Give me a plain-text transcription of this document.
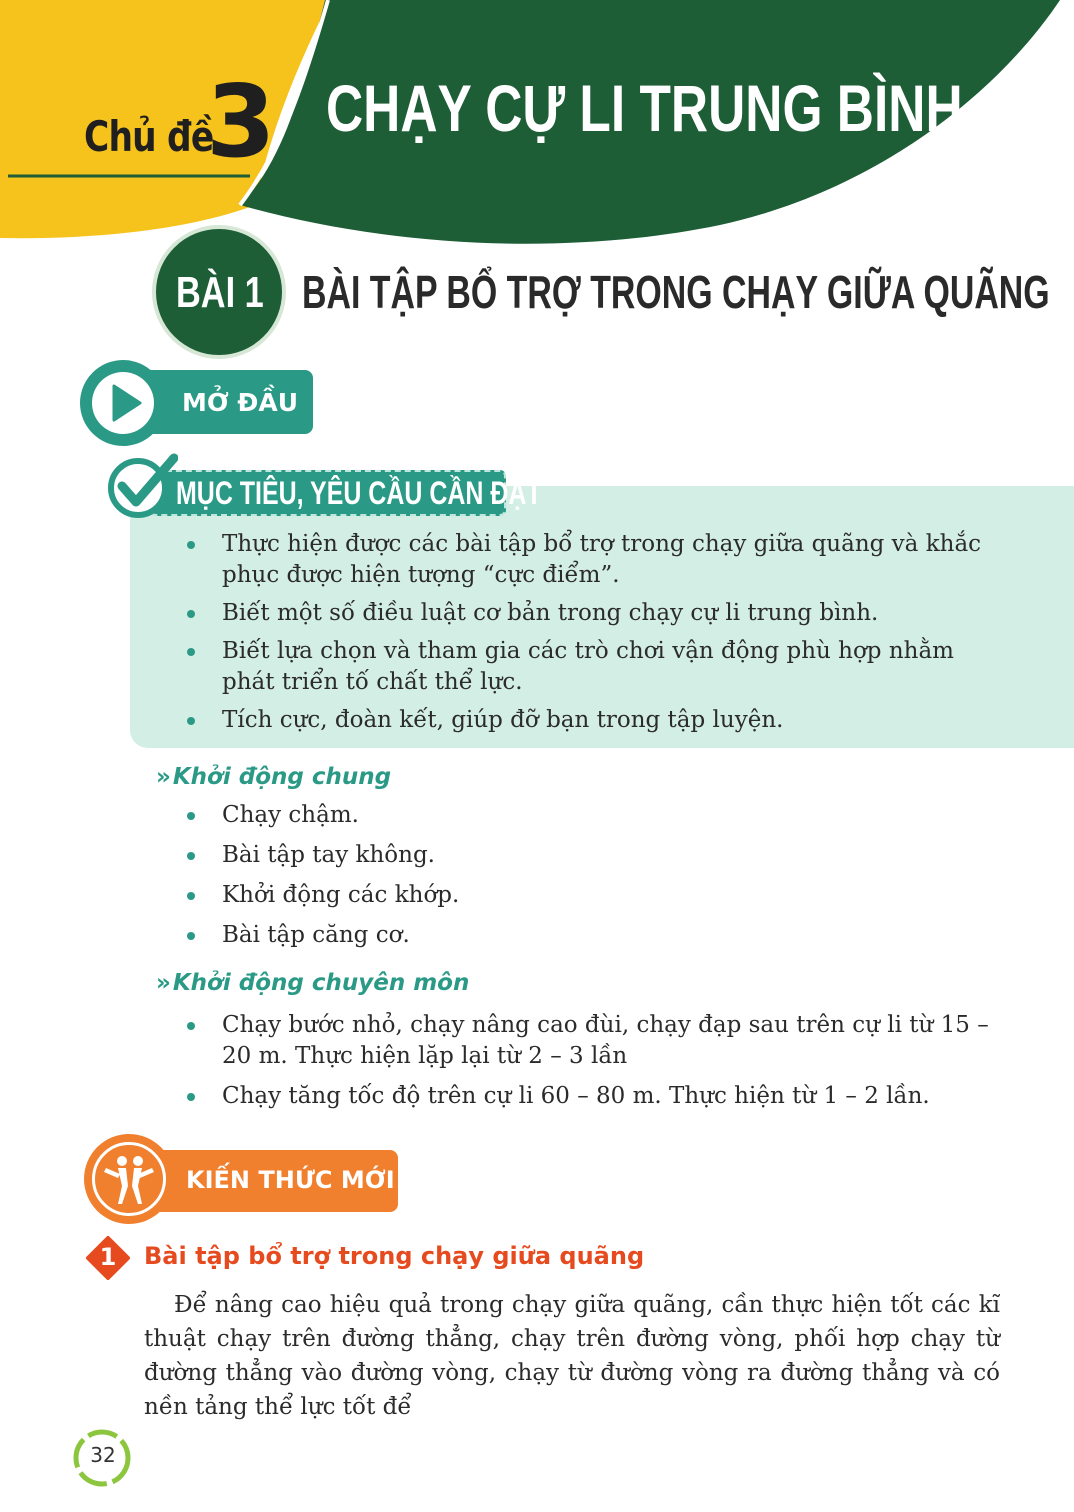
Chủ đề
3 CHẠY CỰ LI TRUNG BÌNH
BÀI 1 BÀI TẬP BỔ TRỢ TRONG CHẠY GIỮA QUÃNG
MỞ ĐẦU
MỤC TIÊU, YÊU CẦU CẦN ĐẠT
Thực hiện được các bài tập bổ trợ trong chạy giữa quãng và khắc phục được hiện tượng “cực điểm”.
Biết một số điều luật cơ bản trong chạy cự li trung bình.
Biết lựa chọn và tham gia các trò chơi vận động phù hợp nhằm phát triển tố chất thể lực.
Tích cực, đoàn kết, giúp đỡ bạn trong tập luyện.
» Khởi động chung
Chạy chậm.
Bài tập tay không.
Khởi động các khớp.
Bài tập căng cơ.
» Khởi động chuyên môn
Chạy bước nhỏ, chạy nâng cao đùi, chạy đạp sau trên cự li từ 15 – 20 m. Thực hiện lặp lại từ 2 – 3 lần
Chạy tăng tốc độ trên cự li 60 – 80 m. Thực hiện từ 1 – 2 lần.
KIẾN THỨC MỚI
1	Bài tập bổ trợ trong chạy giữa quãng
Để nâng cao hiệu quả trong chạy giữa quãng, cần thực hiện tốt các kĩ thuật chạy trên đường thẳng, chạy trên đường vòng, phối hợp chạy từ đường thẳng vào đường vòng, chạy từ đường vòng ra đường thẳng và có nền tảng thể lực tốt để
32
